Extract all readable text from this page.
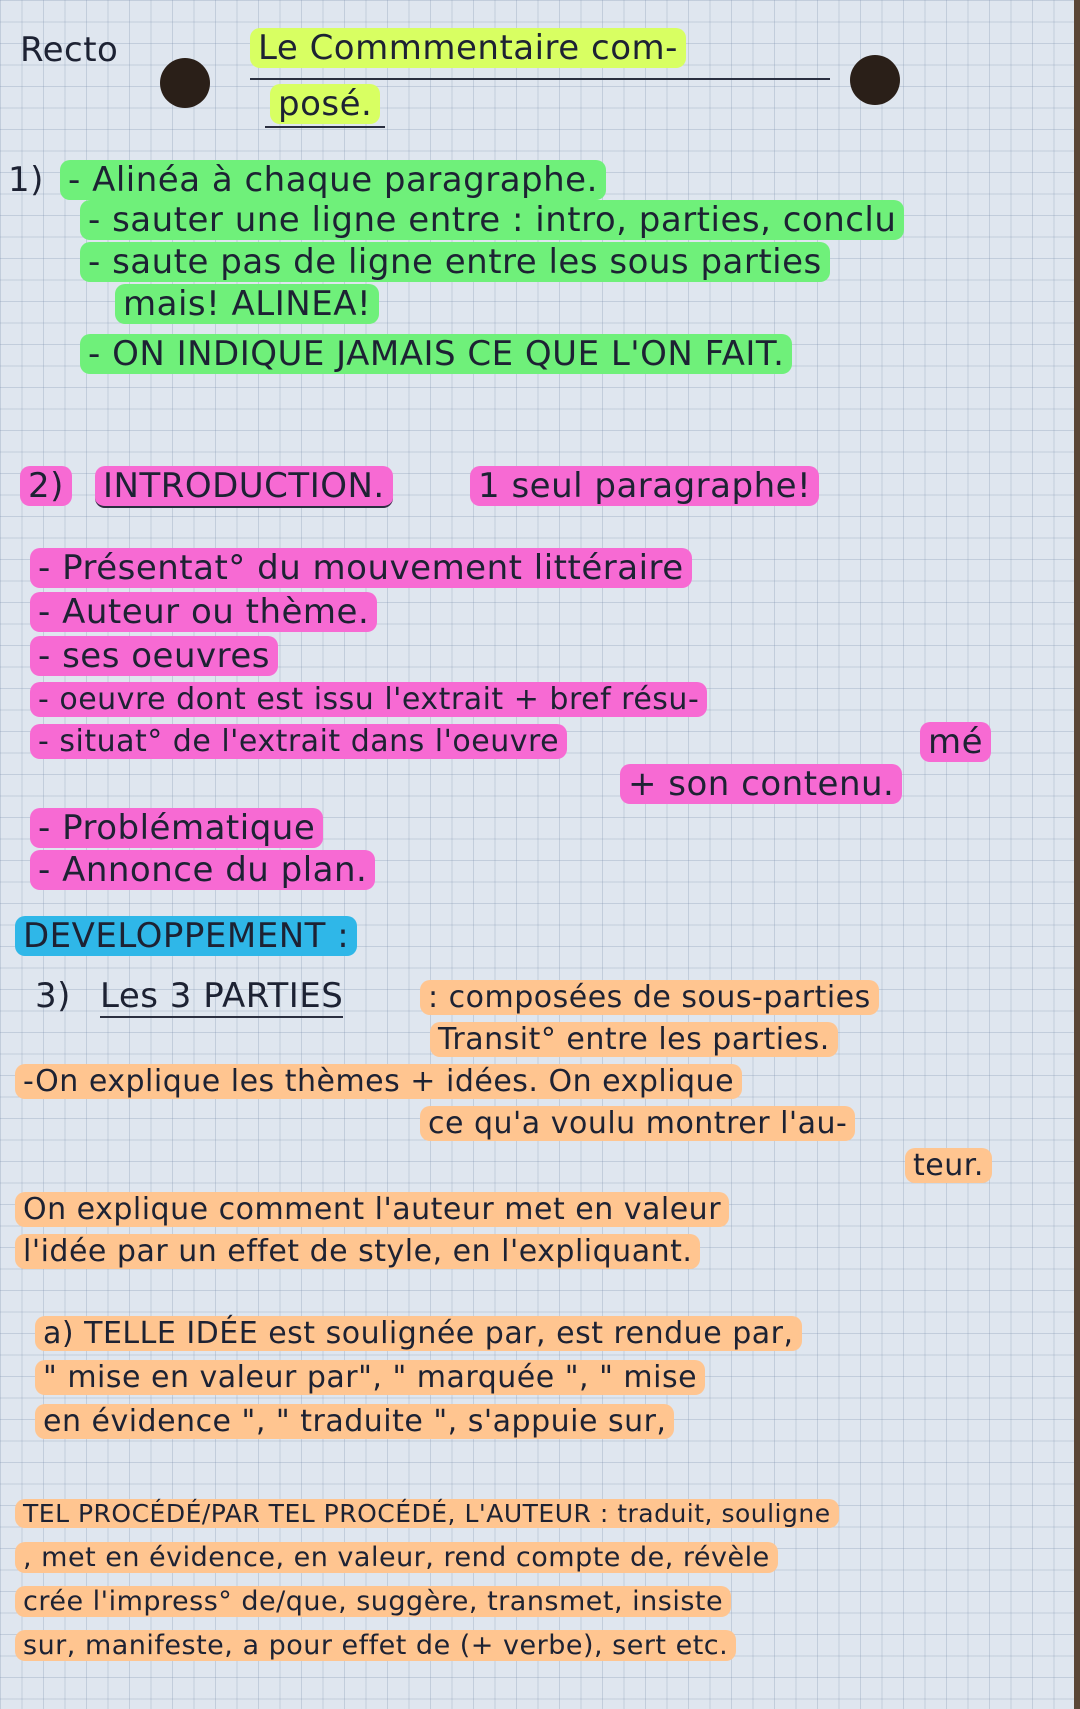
Recto	Le Commmentaire com-
posé.
1) - Alinéa à chaque paragraphe.
- sauter une ligne entre : intro, parties, conclu
- saute pas de ligne entre les sous parties
mais! ALINEA!
- ON INDIQUE JAMAIS CE QUE L'ON FAIT.
2) INTRODUCTION.	1 seul paragraphe!
- Présentat° du mouvement littéraire
- Auteur ou thème.
- ses oeuvres
- oeuvre dont est issu l'extrait + bref résu-
- situat° de l'extrait dans l'oeuvre	mé
+ son contenu.
- Problématique
- Annonce du plan.
DEVELOPPEMENT :
3) Les 3 PARTIES	: composées de sous-parties
Transit° entre les parties.
-On explique les thèmes + idées. On explique
ce qu'a voulu montrer l'au-
teur.
On explique comment l'auteur met en valeur
l'idée par un effet de style, en l'expliquant.
a) TELLE IDÉE est soulignée par, est rendue par,
" mise en valeur par", " marquée ", " mise
en évidence ", " traduite ", s'appuie sur,
TEL PROCÉDÉ/PAR TEL PROCÉDÉ, L'AUTEUR : traduit, souligne
, met en évidence, en valeur, rend compte de, révèle
crée l'impress° de/que, suggère, transmet, insiste
sur, manifeste, a pour effet de (+ verbe), sert etc.
